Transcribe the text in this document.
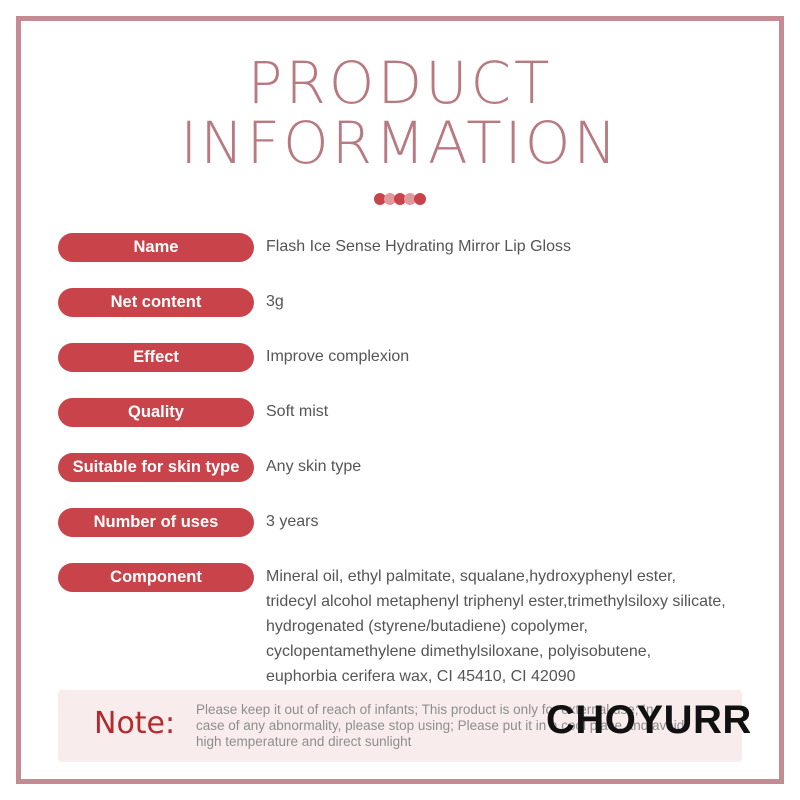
PRODUCT
INFORMATION
Name	Flash Ice Sense Hydrating Mirror Lip Gloss
Net content	3g
Effect	Improve complexion
Quality	Soft mist
Suitable for skin type	Any skin type
Number of uses	3 years
Component	Mineral oil, ethyl palmitate, squalane,hydroxyphenyl ester,
tridecyl alcohol metaphenyl triphenyl ester,trimethylsiloxy silicate,
hydrogenated (styrene/butadiene) copolymer,
cyclopentamethylene dimethylsiloxane, polyisobutene,
euphorbia cerifera wax, CI 45410, CI 42090
Note: Please keep it out of reach of infants; This product is only for external use; In
case of any abnormality, please stop using; Please put it in a cool place and avoid
high temperature and direct sunlight	CHOYURR
